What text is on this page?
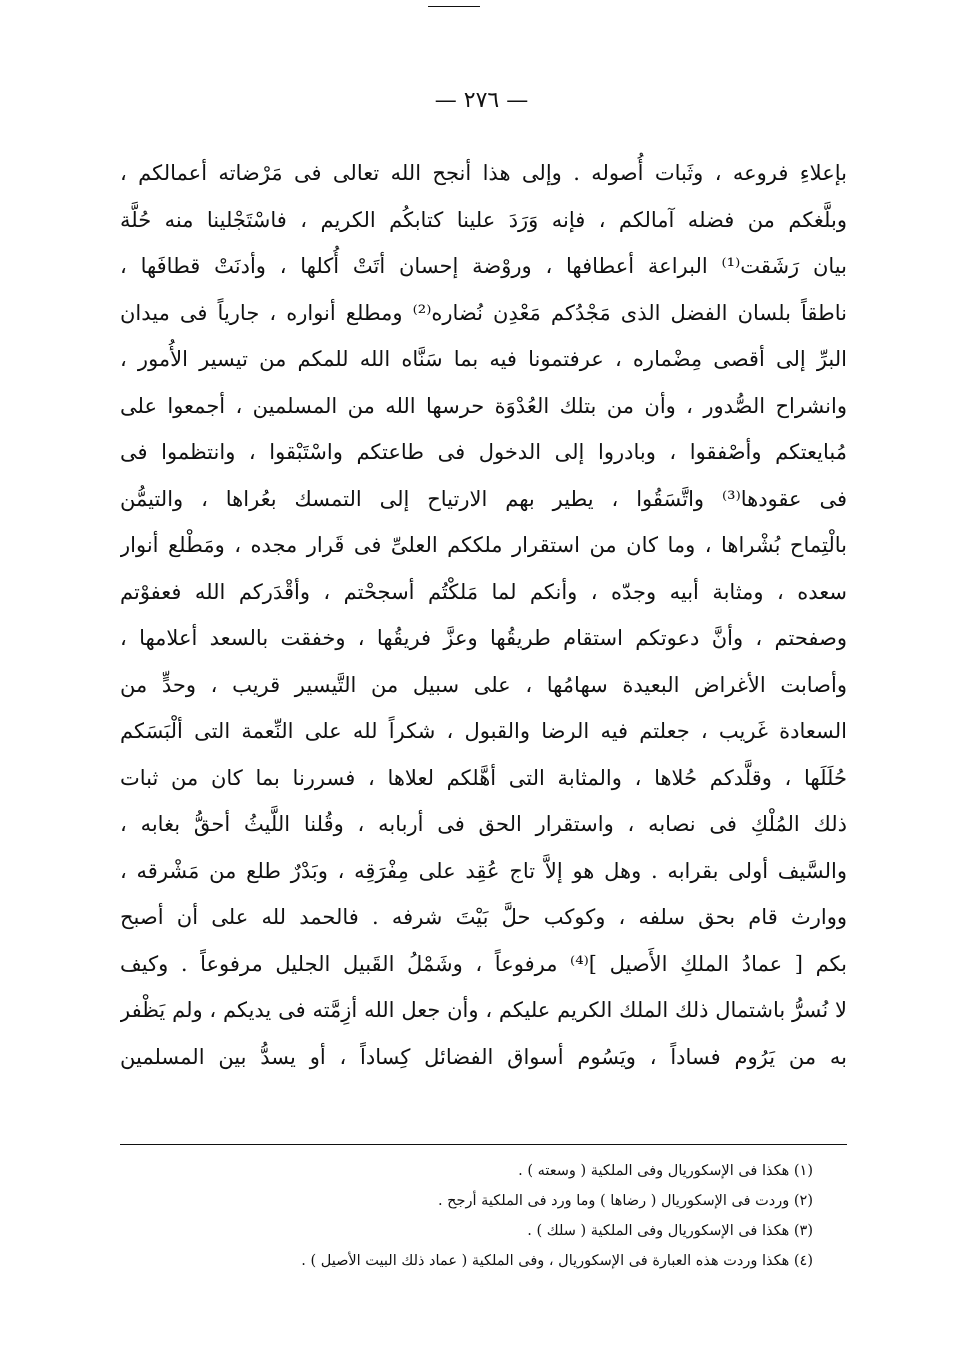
— ٢٧٦ —
بإعلاءِ فروعه ، وثَبات أُصوله . وإلى هذا أنجح الله تعالى فى مَرْضاته أعمالكم ،
وبلَّغكم من فضله آمالكم ، فإنه وَرَدَ علينا كتابكُم الكريم ، فاسْتَجْلينا منه حُلَّة
بيان رَشَقت⁽¹⁾ البراعة أعطافها ، وروْضة إحسان أتَتْ أُكلها ، وأدنَتْ قطافَها ،
ناطقاً بلسان الفضل الذى مَجْدُكم مَعْدِن نُضاره⁽²⁾ ومطلع أنواره ، جارياً فى ميدان
البرِّ إلى أقصى مِضْماره ، عرفتمونا فيه بما سَنَّاه الله للمكم من تيسير الأُمور ،
وانشراح الصُّدور ، وأن من بتلك العُدْوَة حرسها الله من المسلمين ، أجمعوا على
مُبايعتكم وأصْفقوا ، وبادروا إلى الدخول فى طاعتكم واسْتَبْقوا ، وانتظموا فى
فى عقودها⁽³⁾ واتَّسَقُوا ، يطير بهم الارتياح إلى التمسك بعُراها ، والتيمُّن
بالْتِماح بُشْراها ، وما كان من استقرار ملككم العلىِّ فى قَرار مجده ، ومَطْلع أنوار
سعده ، ومثابة أبيه وجدّه ، وأنكم لما مَلكْتُم أسجحْتم ، وأقْدَركم الله فعفوْتم
وصفحتم ، وأنَّ دعوتكم استقام طريقُها وعزَّ فريقُها ، وخفقت بالسعد أعلامها ،
وأصابت الأغراض البعيدة سهامُها ، على سبيل من التَّيسير قريب ، وحدٍّ من
السعادة غَريب ، جعلتم فيه الرضا والقبول ، شكراً لله على النِّعمة التى ألْبَسَكم
حُلَلَها ، وقلَّدكم حُلاها ، والمثابة التى أهَّلكم لعلاها ، فسررنا بما كان من ثبات
ذلك المُلْكِ فى نصابه ، واستقرار الحق فى أربابه ، وقُلنا اللَّيثُ أحقُّ بغابه ،
والسَّيف أولى بقرابه . وهل هو إلاَّ تاج عُقِد على مِفْرَقِه ، وبَدْرٌ طلع من مَشْرقه ،
ووارث قام بحق سلفه ، وكوكب حلَّ بَيْتَ شرفه . فالحمد لله على أن أصبح
بكم [ عمادُ الملكِ الأَصيل ]⁽⁴⁾ مرفوعاً ، وشَمْلُ القَبيل الجليل مرفوعاً . وكيف
لا نُسرُّ باشتمال ذلك الملك الكريم عليكم ، وأن جعل الله أزِمَّته فى يديكم ، ولم يَظْفر
به من يَرُوم فساداً ، ويَسُوم أسواق الفضائل كِساداً ، أو يسدُّ بين المسلمين
(١) هكذا فى الإسكوريال وفى الملكية ( وسعته ) .
(٢) وردت فى الإسكوريال ( رضاها ) وما ورد فى الملكية أرجح .
(٣) هكذا فى الإسكوريال وفى الملكية ( سلك ) .
(٤) هكذا وردت هذه العبارة فى الإسكوريال ، وفى الملكية ( عماد ذلك البيت الأصيل ) .
